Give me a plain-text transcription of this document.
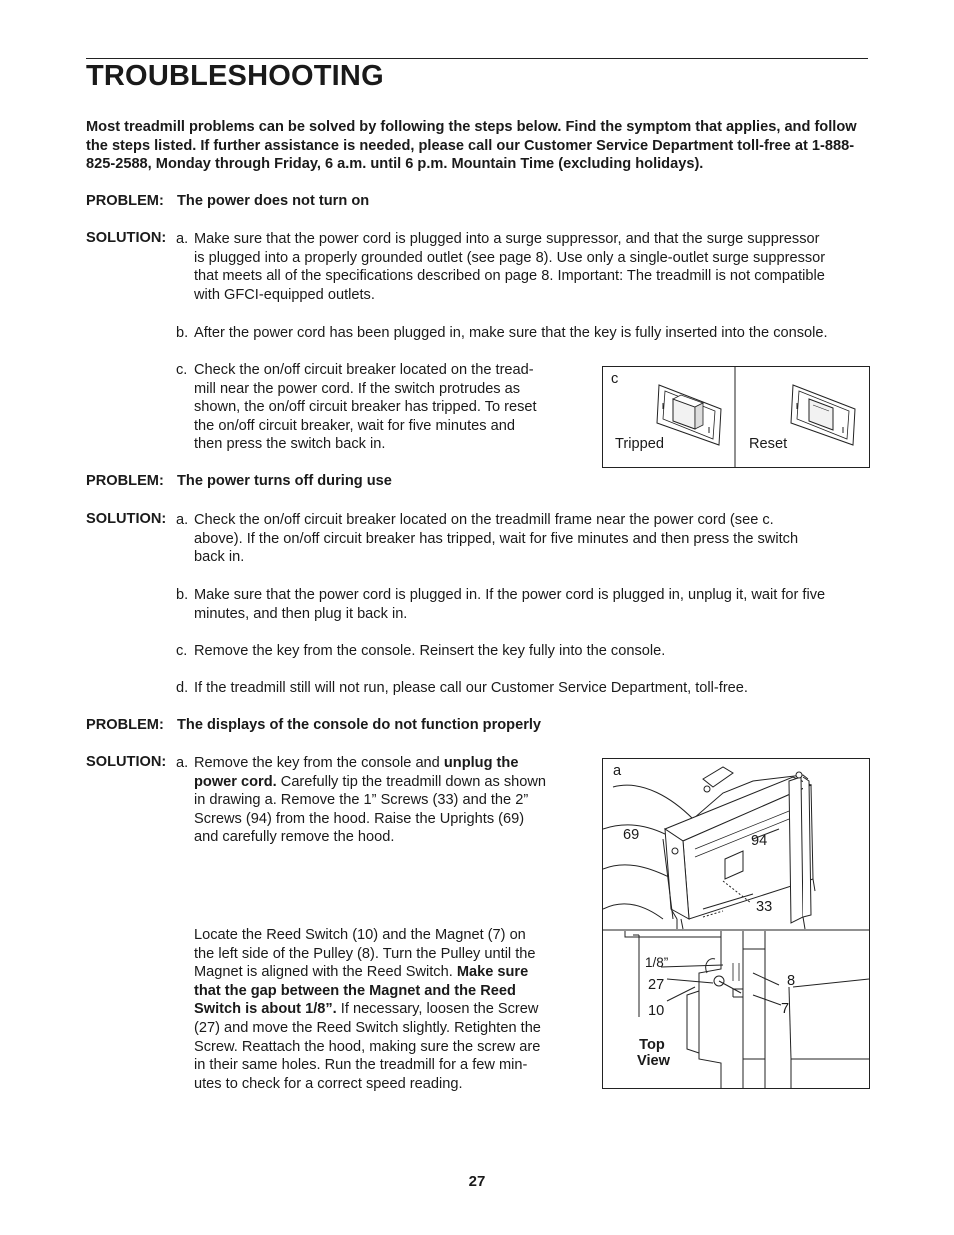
TROUBLESHOOTING
Most treadmill problems can be solved by following the steps below. Find the symptom that applies, and follow the steps listed. If further assistance is needed, please call our Customer Service Department toll-free at 1-888-825-2588, Monday through Friday, 6 a.m. until 6 p.m. Mountain Time (excluding holidays).
PROBLEM: The power does not turn on
SOLUTION: a. Make sure that the power cord is plugged into a surge suppressor, and that the surge suppressor
is plugged into a properly grounded outlet (see page 8). Use only a single-outlet surge suppressor
that meets all of the specifications described on page 8. Important: The treadmill is not compatible
with GFCI-equipped outlets.
b. After the power cord has been plugged in, make sure that the key is fully inserted into the console.
c. Check the on/off circuit breaker located on the tread-
mill near the power cord. If the switch protrudes as
shown, the on/off circuit breaker has tripped. To reset
the on/off circuit breaker, wait for five minutes and
then press the switch back in.
c
Tripped	Reset
PROBLEM: The power turns off during use
SOLUTION: a. Check the on/off circuit breaker located on the treadmill frame near the power cord (see c.
above). If the on/off circuit breaker has tripped, wait for five minutes and then press the switch
back in.
b. Make sure that the power cord is plugged in. If the power cord is plugged in, unplug it, wait for five
minutes, and then plug it back in.
c. Remove the key from the console. Reinsert the key fully into the console.
d. If the treadmill still will not run, please call our Customer Service Department, toll-free.
PROBLEM: The displays of the console do not function properly
SOLUTION: a. Remove the key from the console and unplug the
power cord. Carefully tip the treadmill down as shown
in drawing a. Remove the 1” Screws (33) and the 2”
Screws (94) from the hood. Raise the Uprights (69)
and carefully remove the hood.
Locate the Reed Switch (10) and the Magnet (7) on
the left side of the Pulley (8). Turn the Pulley until the
Magnet is aligned with the Reed Switch. Make sure
that the gap between the Magnet and the Reed
Switch is about 1/8”. If necessary, loosen the Screw
(27) and move the Reed Switch slightly. Retighten the
Screw. Reattach the hood, making sure the screw are
in their same holes. Run the treadmill for a few min-
utes to check for a correct speed reading.
a
69	94
33
1/8”
27
10
8
7
Top
View
27
